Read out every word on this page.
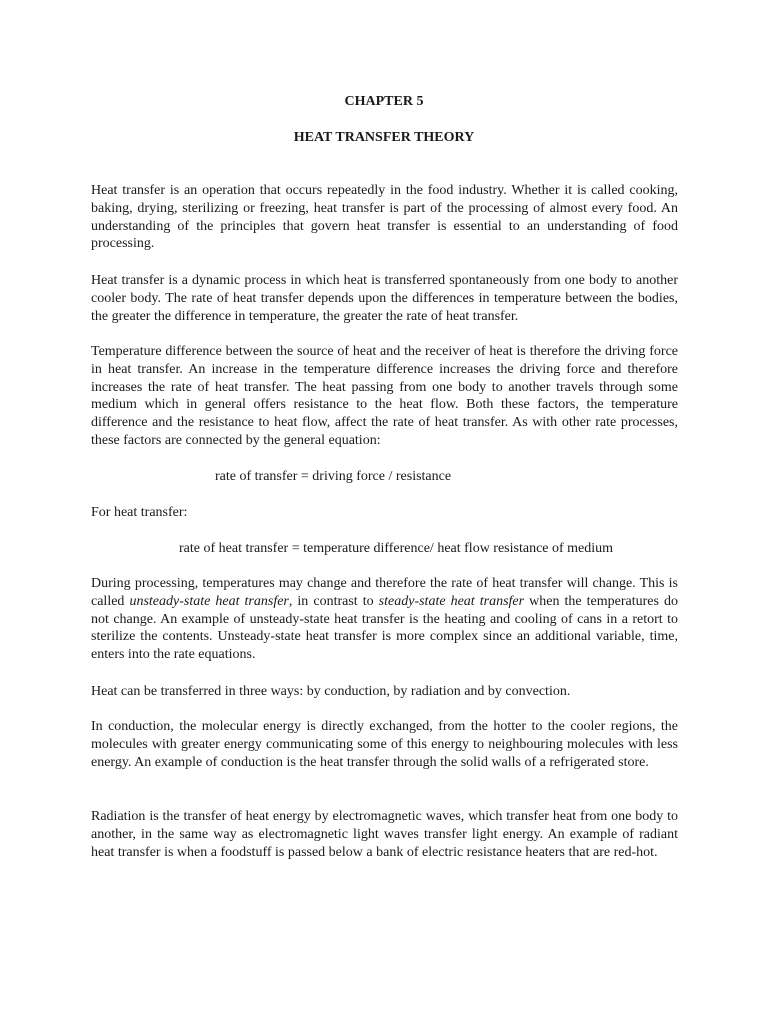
CHAPTER 5
HEAT TRANSFER THEORY

Heat transfer is an operation that occurs repeatedly in the food industry. Whether it is called cooking, baking, drying, sterilizing or freezing, heat transfer is part of the processing of almost every food. An understanding of the principles that govern heat transfer is essential to an understanding of food processing.

Heat transfer is a dynamic process in which heat is transferred spontaneously from one body to another cooler body. The rate of heat transfer depends upon the differences in temperature between the bodies, the greater the difference in temperature, the greater the rate of heat transfer.

Temperature difference between the source of heat and the receiver of heat is therefore the driving force in heat transfer. An increase in the temperature difference increases the driving force and therefore increases the rate of heat transfer. The heat passing from one body to another travels through some medium which in general offers resistance to the heat flow. Both these factors, the temperature difference and the resistance to heat flow, affect the rate of heat transfer. As with other rate processes, these factors are connected by the general equation:

rate of transfer = driving force / resistance

For heat transfer:

rate of heat transfer = temperature difference/ heat flow resistance of medium

During processing, temperatures may change and therefore the rate of heat transfer will change. This is called unsteady-state heat transfer, in contrast to steady-state heat transfer when the temperatures do not change. An example of unsteady-state heat transfer is the heating and cooling of cans in a retort to sterilize the contents. Unsteady-state heat transfer is more complex since an additional variable, time, enters into the rate equations.

Heat can be transferred in three ways: by conduction, by radiation and by convection.

In conduction, the molecular energy is directly exchanged, from the hotter to the cooler regions, the molecules with greater energy communicating some of this energy to neighbouring molecules with less energy. An example of conduction is the heat transfer through the solid walls of a refrigerated store.

Radiation is the transfer of heat energy by electromagnetic waves, which transfer heat from one body to another, in the same way as electromagnetic light waves transfer light energy. An example of radiant heat transfer is when a foodstuff is passed below a bank of electric resistance heaters that are red-hot.
